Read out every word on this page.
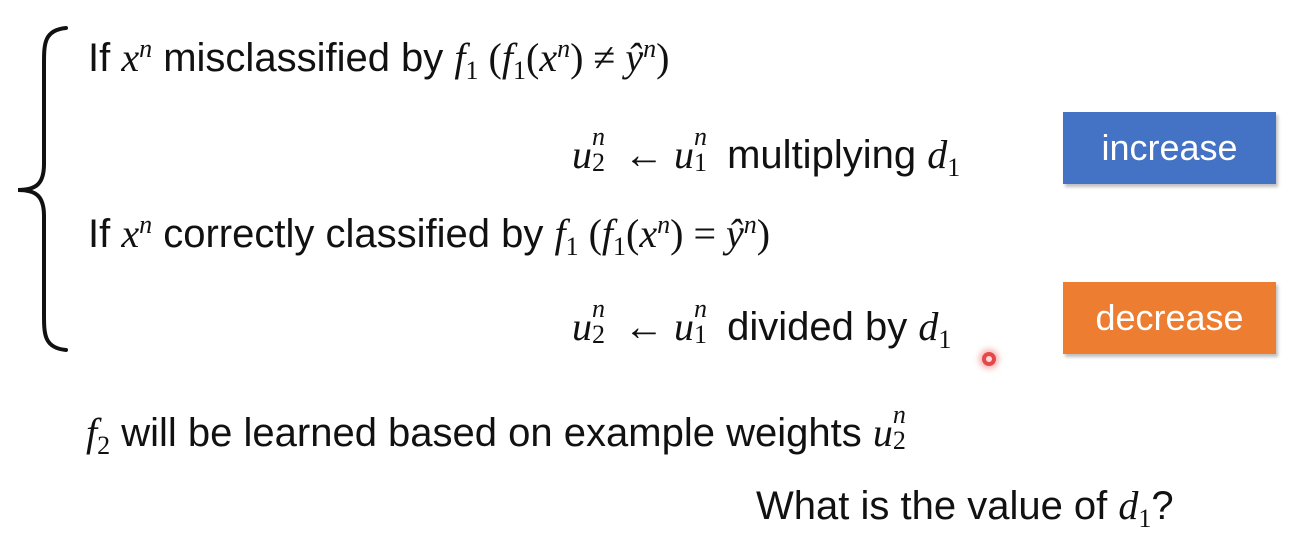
If $x^n$ misclassified by $f_1$ ($f_1(x^n)$ ≠ $ŷ^n$)
u n
2 ← u n
1 multiplying $d_1$	increase
If $x^n$ correctly classified by $f_1$ ($f_1(x^n)$ = $ŷ^n$)
u n
2 ← u n
1 divided by $d_1$
decrease
$f_2$ will be learned based on example weights u n
2
What is the value of $d_1$?
